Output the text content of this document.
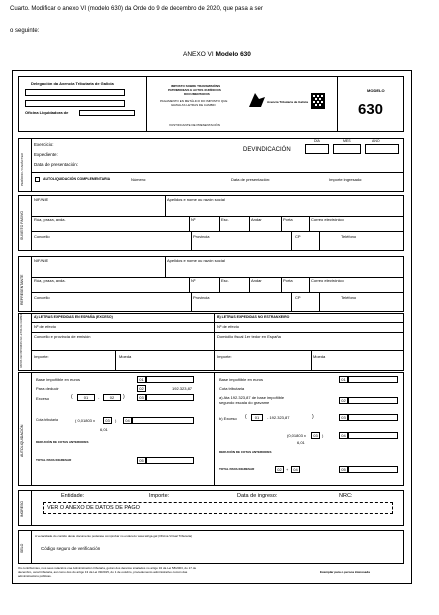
Cuarto. Modificar o anexo VI (modelo 630) da Orde do 9 de decembro de 2020, que pasa a ser
o seguinte:
ANEXO VI Modelo 630
Delegación da Axencia Tributaria de Galicia
Oficina Liquidadora de
IMPOSTO SOBRE TRANSMISIÓNS
PATRIMONIAIS E ACTOS XURÍDICOS
DOCUMENTADOS
PAGAMENTO EN METÁLICO DO IMPOSTO QUE
GRAVA AS LETRAS DE CAMBIO
XUSTIFICANTE DE PRESENTACIÓN
Axencia Tributaria de Galicia
MODELO
630
PERÍODO / CARÁCTER
Exercicio:
Expediente:
Data de presentación:
DEVINDICACIÓN
DÍA	MES	ANO
AUTOLIQUIDACIÓN COMPLEMENTARIA	Número:	Data de presentación:	Importe ingresado:
SUXEITO PASIVO
NIF/NIE	Apelidos e nome ou razón social
Rúa, praza, avda.	Nº	Esc.	Andar	Porta	Correo electrónico
Concello	Provincia	CP	Teléfono
REPRESENTANTE
NIF/NIE	Apelidos e nome ou razón social
Rúa, praza, avda.	Nº	Esc.	Andar	Porta	Correo electrónico
Concello	Provincia	CP	Teléfono
DATOS DEFINITORIOS DA LETRA DE CAMBIO	A) LETRAS EXPEDIDAS EN ESPAÑA (EXCESO)	B) LETRAS EXPEDIDAS NO ESTRANXEIRO
Nº de efecto	Nº de efecto
Concello e provincia de emisión	Domicilio fiscal 1er tedor en España
Importe:	Moeda	Importe:	Moeda
AUTOLIQUIDACIÓN
Base impoñible en euros	01
Para deducir	02	192.323,87
Exceso	(	01	-	02	)	03
Cota tributaria	( 0,01803 x	03	)	04
6,01
DEDUCIÓN DE COTAS ANTERIORES
TOTAL PARA INGRESAR	05
Base impoñible en euros	01
Cota tributaria
a) Ata 192.323,87 de base impoñible
segundo escala do gravame	02
b) Exceso (	01	- 192.323,87	)	03
(0,01803 x	03	)	04
6,01
DEDUCIÓN DE COTAS ANTERIORES
TOTAL PARA INGRESAR	02	+	04	05
INGRESO
Entidade:	Importe:	Data de ingreso:	NRC:
VER O ANEXO DE DATOS DE PAGO
SELO
A veracidade do contido deste documento poderase comprobar no enderezo www.atriga.gal (Oficina Virtual Tributaria)
Código seguro de verificación
Os contribuíntes, nos seus relacións coa Administración tributaria, gozan dos dereitos sinalados no artigo 34 da Lei 58/2003, do 17 de
decembro, xeral tributaria, así como dos do artigo 13 da Lei 39/2015, do 1 de outubro, procedemento administrativo común das
administracións públicas.
Exemplar para o persoa interesada
